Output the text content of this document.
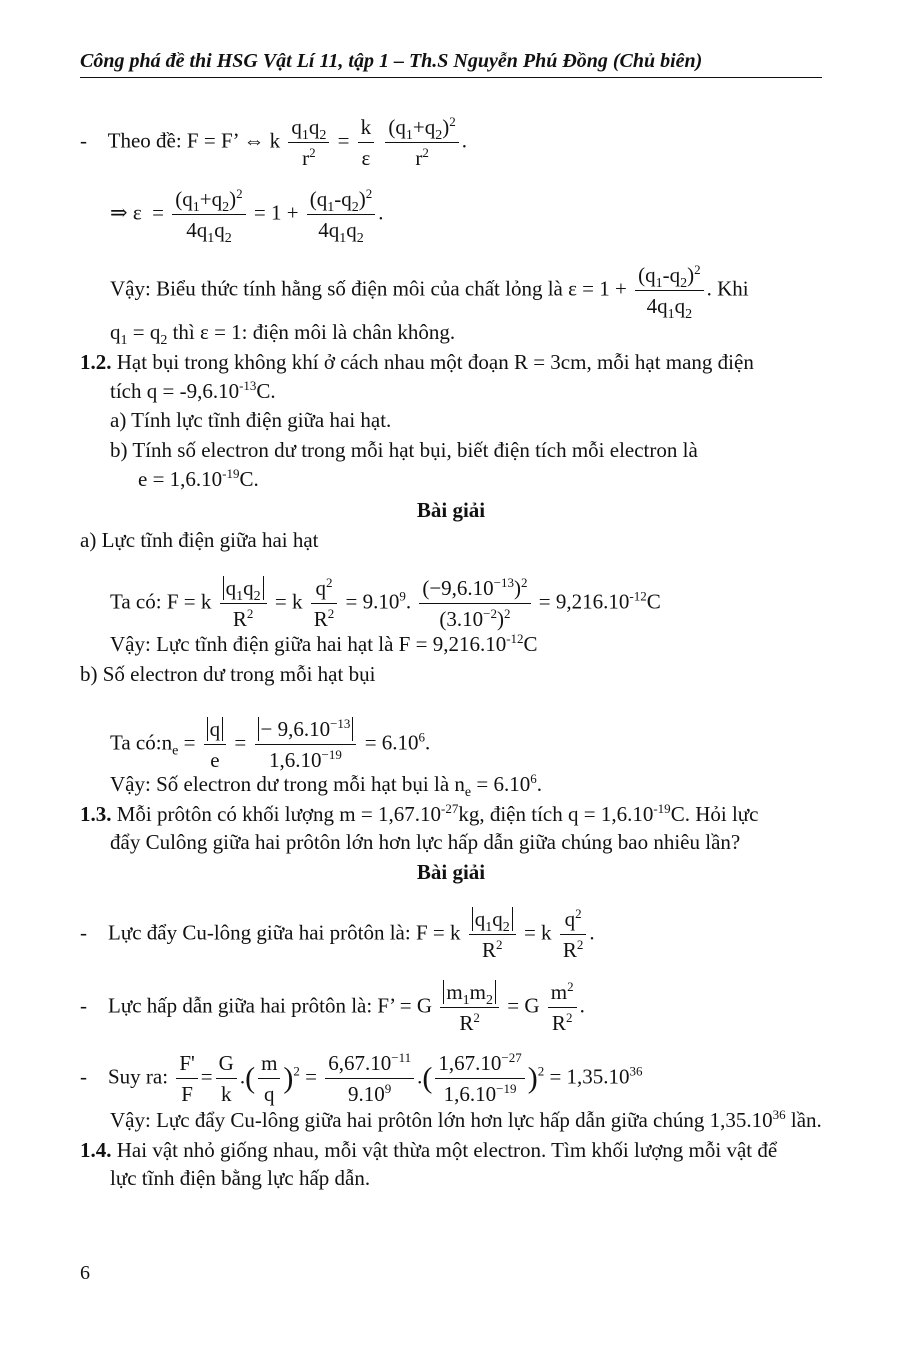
Công phá đề thi HSG Vật Lí 11, tập 1 – Th.S Nguyễn Phú Đồng (Chủ biên)
-    Theo đề: F = F’ ⇔ k $\frac{q_1q_2}{r^2} = \frac{k}{\varepsilon}$
$\frac{(q_1+q_2)^2}{r^2}$ .
⇒ $\varepsilon = \frac{(q_1+q_2)^2}{4q_1q_2} = 1 + \frac{(q_1-q_2)^2}{4q_1q_2}$ .
Vậy: Biểu thức tính hằng số điện môi của chất lỏng là $\varepsilon = 1 + \frac{(q_1-q_2)^2}{4q_1q_2}$ . Khi
$q_1 = q_2$ thì ε = 1: điện môi là chân không.
1.2. Hạt bụi trong không khí ở cách nhau một đoạn R = 3cm, mỗi hạt mang điện
tích $q = -9,6.10^{-13}C$.
a) Tính lực tĩnh điện giữa hai hạt.
b) Tính số electron dư trong mỗi hạt bụi, biết điện tích mỗi electron là
$e = 1,6.10^{-19}C$.
Bài giải
a) Lực tĩnh điện giữa hai hạt
Ta có: F = k $\frac{q_1q_2}{R^2} = k \frac{q^2}{R^2} = 9.10^9$. $\frac{(-9,6.10^{-13})^2}{(3.10^{-2})^2} = 9,216.10^{-12}C$
Vậy: Lực tĩnh điện giữa hai hạt là $F = 9,216.10^{-12}C$
b) Số electron dư trong mỗi hạt bụi
Ta $có:n_e = \frac{q}{e} = \frac{- 9,6.10^{-13}}{1,6.10^{-19}} = 6.10^6$.
Vậy: Số electron dư trong mỗi hạt bụi là $n_e = 6.10^6$.
1.3. Mỗi prôtôn có khối lượng $m = 1,67.10^{-27}kg$, điện tích $q = 1,6.10^{-19}C$. Hỏi lực
đẩy Culông giữa hai prôtôn lớn hơn lực hấp dẫn giữa chúng bao nhiêu lần?
Bài giải
-    Lực đẩy Cu-lông giữa hai prôtôn là: F = k $\frac{q_1q_2}{R^2} = k \frac{q^2}{R^2}$ .
-    Lực hấp dẫn giữa hai prôtôn là: F’ = G $\frac{m_1m_2}{R^2} = G \frac{m^2}{R^2}$ .
-    Suy ra: $\frac{F'}{F} = \frac{G}{k}$ .( $\frac{m}{q} )^2 = \frac{6,67.10^{-11}}{9.10^9}$ .( $\frac{1,67.10^{-27}}{1,6.10^{-19}} )^2 = 1,35.10^{36}$
Vậy: Lực đẩy Cu-lông giữa hai prôtôn lớn hơn lực hấp dẫn giữa chúng 1,35.10$^{36}$ lần.
1.4. Hai vật nhỏ giống nhau, mỗi vật thừa một electron. Tìm khối lượng mỗi vật để
lực tĩnh điện bằng lực hấp dẫn.
6
